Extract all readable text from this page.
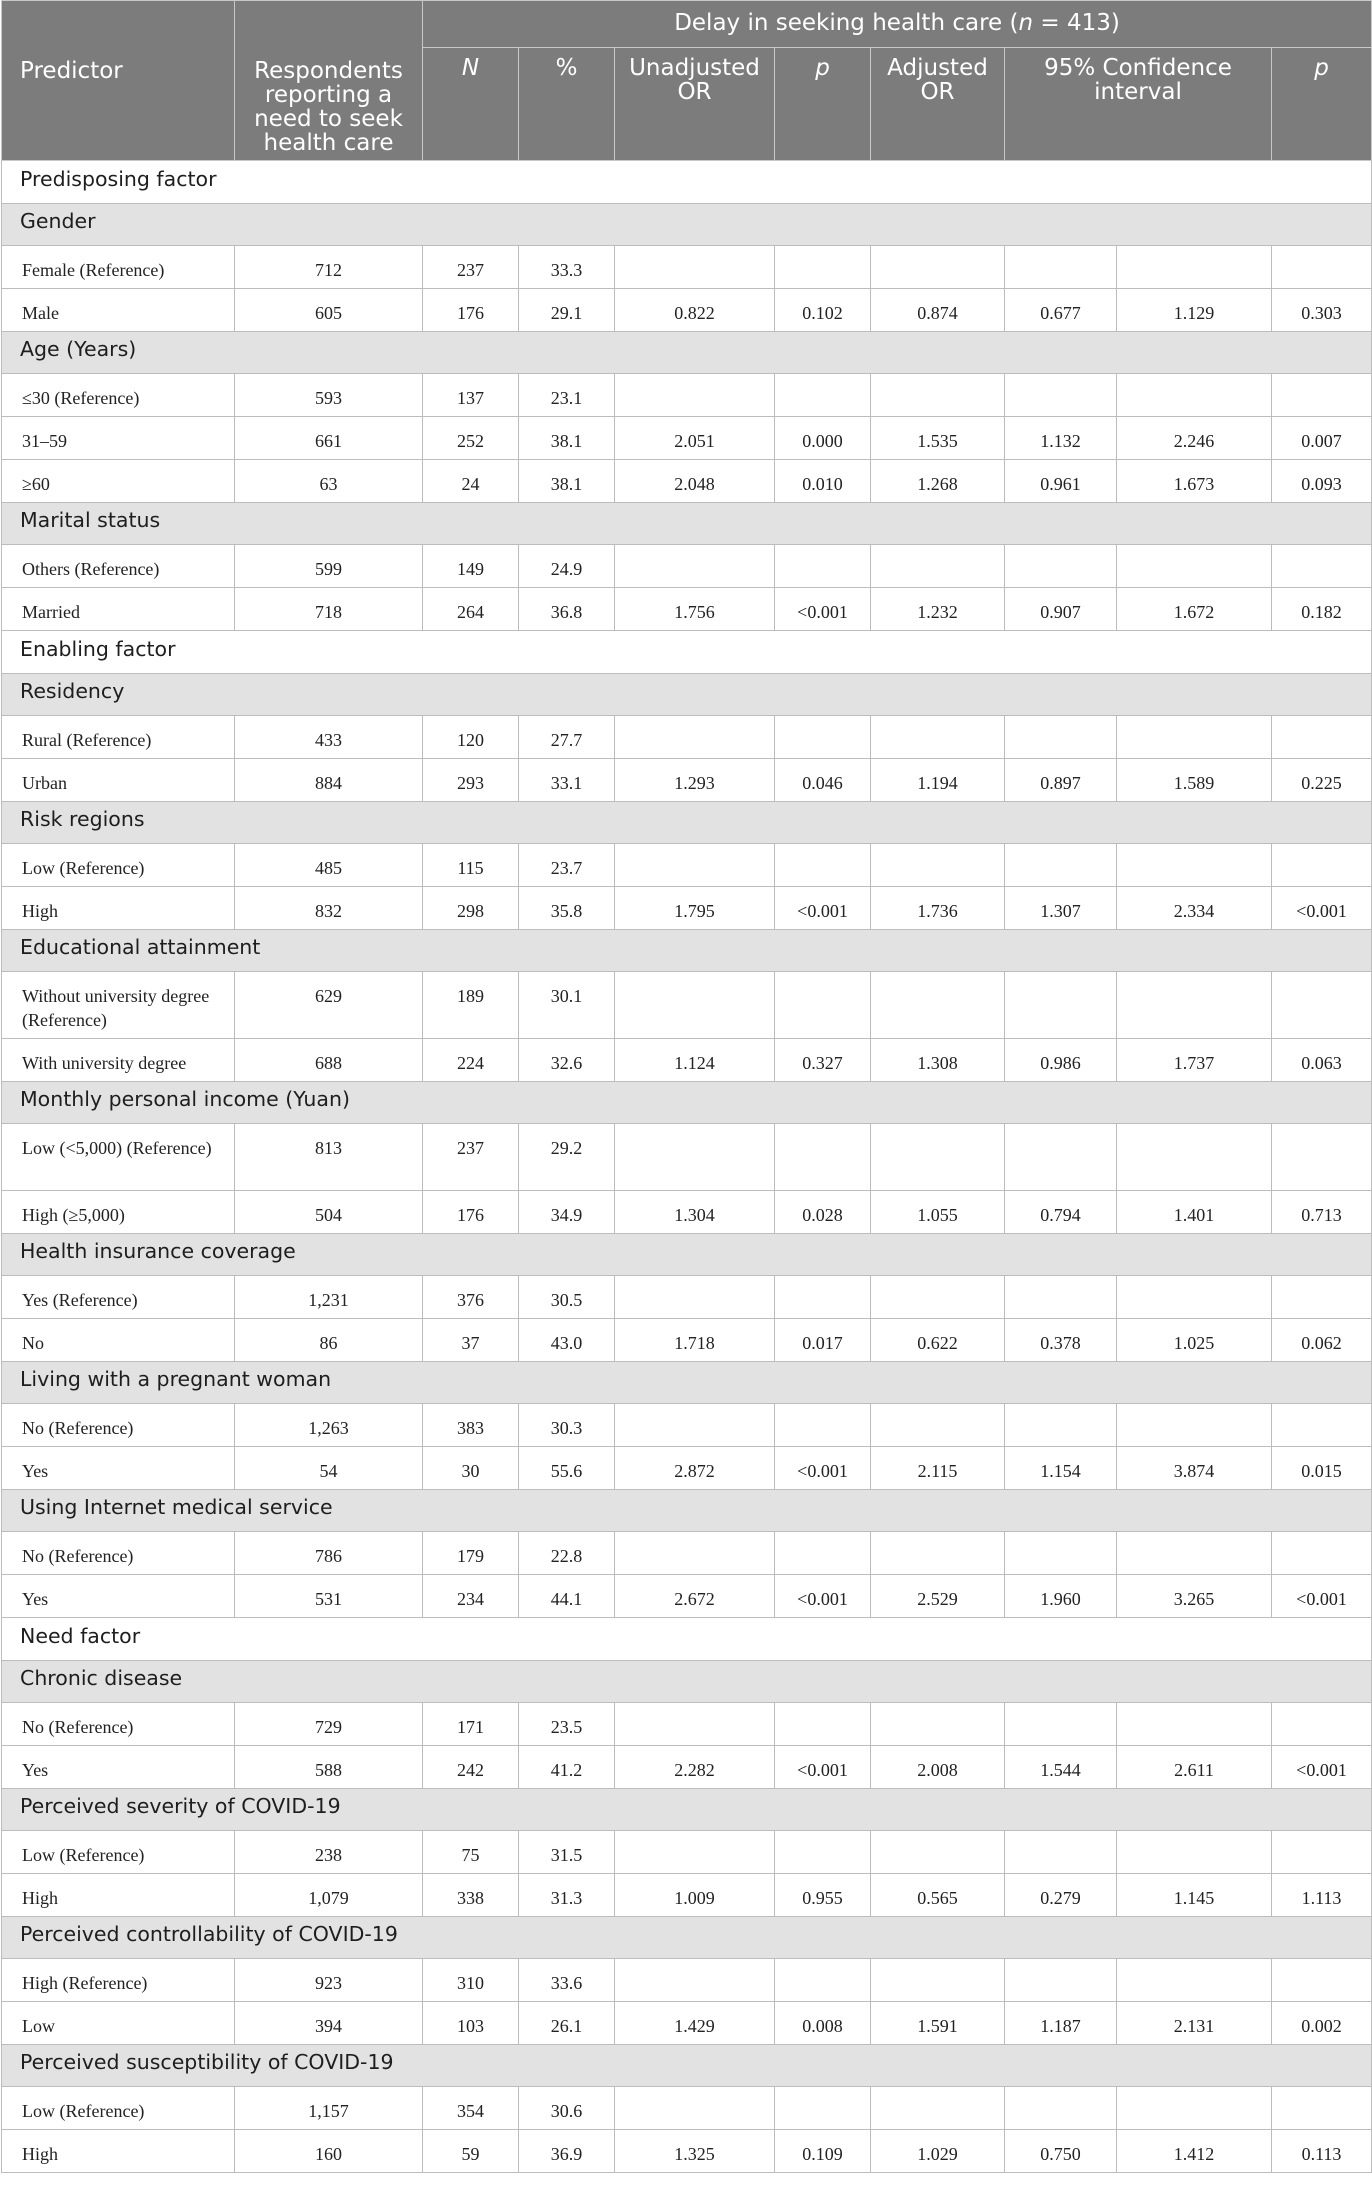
Predictor	Respondents reporting a need to seek health care	Delay in seeking health care (n = 413)							
		N	%	Unadjusted OR	p	Adjusted OR	95% Confidence interval		p
Predisposing factor									
Gender									
Female (Reference)	712	237	33.3						
Male	605	176	29.1	0.822	0.102	0.874	0.677	1.129	0.303
Age (Years)									
≤30 (Reference)	593	137	23.1						
31–59	661	252	38.1	2.051	0.000	1.535	1.132	2.246	0.007
≥60	63	24	38.1	2.048	0.010	1.268	0.961	1.673	0.093
Marital status									
Others (Reference)	599	149	24.9						
Married	718	264	36.8	1.756	<0.001	1.232	0.907	1.672	0.182
Enabling factor									
Residency									
Rural (Reference)	433	120	27.7						
Urban	884	293	33.1	1.293	0.046	1.194	0.897	1.589	0.225
Risk regions									
Low (Reference)	485	115	23.7						
High	832	298	35.8	1.795	<0.001	1.736	1.307	2.334	<0.001
Educational attainment									
Without university degree (Reference)	629	189	30.1						
With university degree	688	224	32.6	1.124	0.327	1.308	0.986	1.737	0.063
Monthly personal income (Yuan)									
Low (<5,000) (Reference)	813	237	29.2						
High (≥5,000)	504	176	34.9	1.304	0.028	1.055	0.794	1.401	0.713
Health insurance coverage									
Yes (Reference)	1,231	376	30.5						
No	86	37	43.0	1.718	0.017	0.622	0.378	1.025	0.062
Living with a pregnant woman									
No (Reference)	1,263	383	30.3						
Yes	54	30	55.6	2.872	<0.001	2.115	1.154	3.874	0.015
Using Internet medical service									
No (Reference)	786	179	22.8						
Yes	531	234	44.1	2.672	<0.001	2.529	1.960	3.265	<0.001
Need factor									
Chronic disease									
No (Reference)	729	171	23.5						
Yes	588	242	41.2	2.282	<0.001	2.008	1.544	2.611	<0.001
Perceived severity of COVID-19									
Low (Reference)	238	75	31.5						
High	1,079	338	31.3	1.009	0.955	0.565	0.279	1.145	1.113
Perceived controllability of COVID-19									
High (Reference)	923	310	33.6						
Low	394	103	26.1	1.429	0.008	1.591	1.187	2.131	0.002
Perceived susceptibility of COVID-19									
Low (Reference)	1,157	354	30.6						
High	160	59	36.9	1.325	0.109	1.029	0.750	1.412	0.113
